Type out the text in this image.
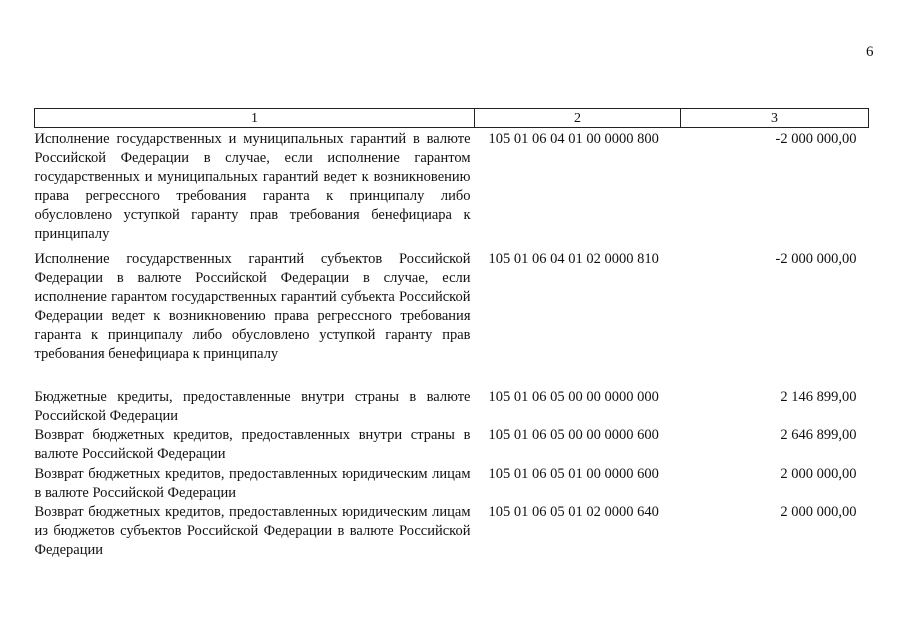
6
1	2	3
Исполнение государственных и муниципальных гарантий в валюте Российской Федерации в случае, если исполнение гарантом государственных и муниципальных гарантий ведет к возникновению права регрессного требования гаранта к принципалу либо обусловлено уступкой гаранту прав требования бенефициара к принципалу	105 01 06 04 01 00 0000 800	-2 000 000,00
Исполнение государственных гарантий субъектов Российской Федерации в валюте Российской Федерации в случае, если исполнение гарантом государственных гарантий субъекта Российской Федерации ведет к возникновению права регрессного требования гаранта к принципалу либо обусловлено уступкой гаранту прав требования бенефициара к принципалу	105 01 06 04 01 02 0000 810	-2 000 000,00
Бюджетные кредиты, предоставленные внутри страны в валюте Российской Федерации	105 01 06 05 00 00 0000 000	2 146 899,00
Возврат бюджетных кредитов, предоставленных внутри страны в валюте Российской Федерации	105 01 06 05 00 00 0000 600	2 646 899,00
Возврат бюджетных кредитов, предоставленных юридическим лицам в валюте Российской Федерации	105 01 06 05 01 00 0000 600	2 000 000,00
Возврат бюджетных кредитов, предоставленных юридическим лицам из бюджетов субъектов Российской Федерации в валюте Российской Федерации	105 01 06 05 01 02 0000 640	2 000 000,00
